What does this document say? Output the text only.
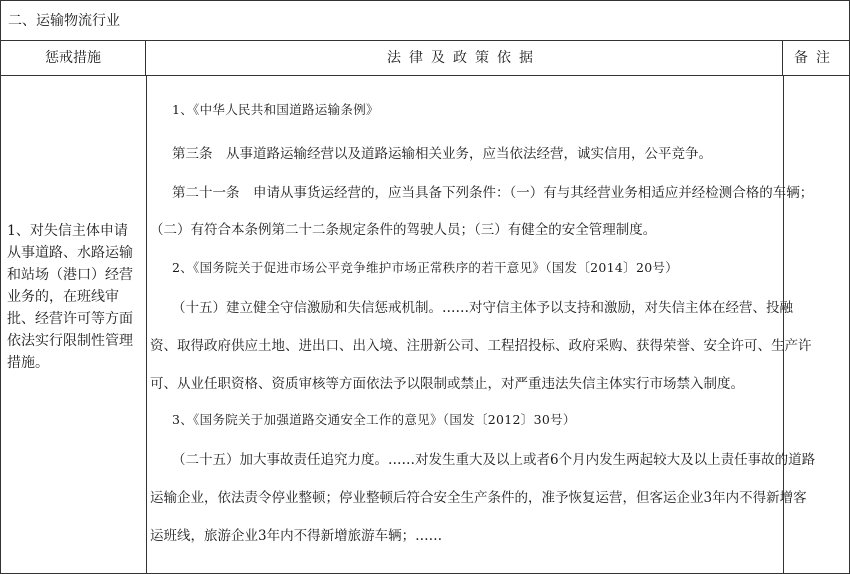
二、运输物流行业
惩戒措施	法律及政策依据	备注
1、对失信主体申请从事道路、水路运输和站场（港口）经营业务的，在班线审批、经营许可等方面依法实行限制性管理措施。
1、《中华人民共和国道路运输条例》
第三条　从事道路运输经营以及道路运输相关业务，应当依法经营，诚实信用，公平竞争。
第二十一条　申请从事货运经营的，应当具备下列条件：（一）有与其经营业务相适应并经检测合格的车辆；
（二）有符合本条例第二十二条规定条件的驾驶人员；（三）有健全的安全管理制度。
2、《国务院关于促进市场公平竞争维护市场正常秩序的若干意见》（国发〔2014〕20号）
（十五）建立健全守信激励和失信惩戒机制。……对守信主体予以支持和激励，对失信主体在经营、投融
资、取得政府供应土地、进出口、出入境、注册新公司、工程招投标、政府采购、获得荣誉、安全许可、生产许
可、从业任职资格、资质审核等方面依法予以限制或禁止，对严重违法失信主体实行市场禁入制度。
3、《国务院关于加强道路交通安全工作的意见》（国发〔2012〕30号）
（二十五）加大事故责任追究力度。……对发生重大及以上或者6个月内发生两起较大及以上责任事故的道路
运输企业，依法责令停业整顿；停业整顿后符合安全生产条件的，准予恢复运营，但客运企业3年内不得新增客
运班线，旅游企业3年内不得新增旅游车辆；……
